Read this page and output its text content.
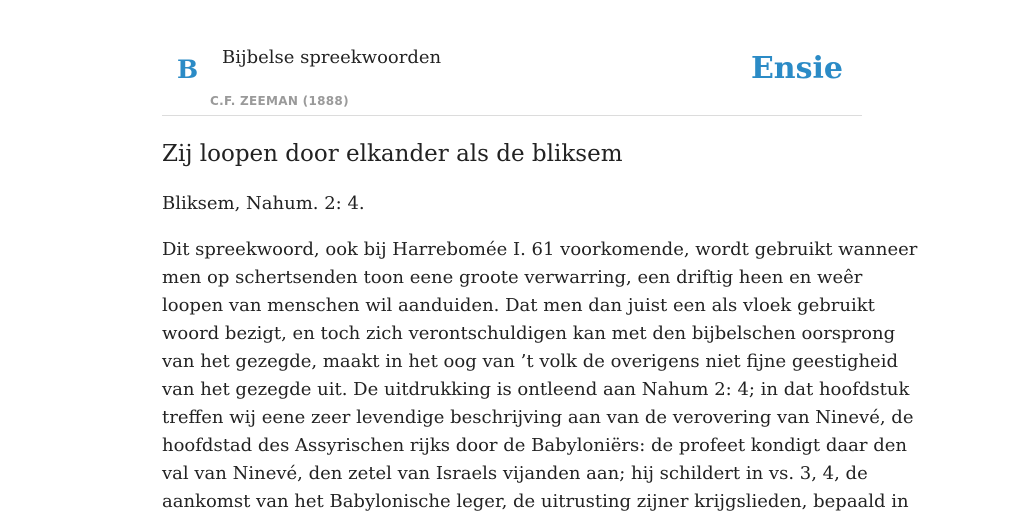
B Bijbelse spreekwoorden
C.F. ZEEMAN (1888)
Ensie
Zij loopen door elkander als de bliksem

Bliksem, Nahum. 2: 4.

Dit spreekwoord, ook bij Harrebomée I. 61 voorkomende, wordt gebruikt wanneer
men op schertsenden toon eene groote verwarring, een driftig heen en weêr
loopen van menschen wil aanduiden. Dat men dan juist een als vloek gebruikt
woord bezigt, en toch zich verontschuldigen kan met den bijbelschen oorsprong
van het gezegde, maakt in het oog van ’t volk de overigens niet fijne geestigheid
van het gezegde uit. De uitdrukking is ontleend aan Nahum 2: 4; in dat hoofdstuk
treffen wij eene zeer levendige beschrijving aan van de verovering van Ninevé, de
hoofdstad des Assyrischen rijks door de Babyloniërs: de profeet kondigt daar den
val van Ninevé, den zetel van Israels vijanden aan; hij schildert in vs. 3, 4, de
aankomst van het Babylonische leger, de uitrusting zijner krijgslieden, bepaald in
